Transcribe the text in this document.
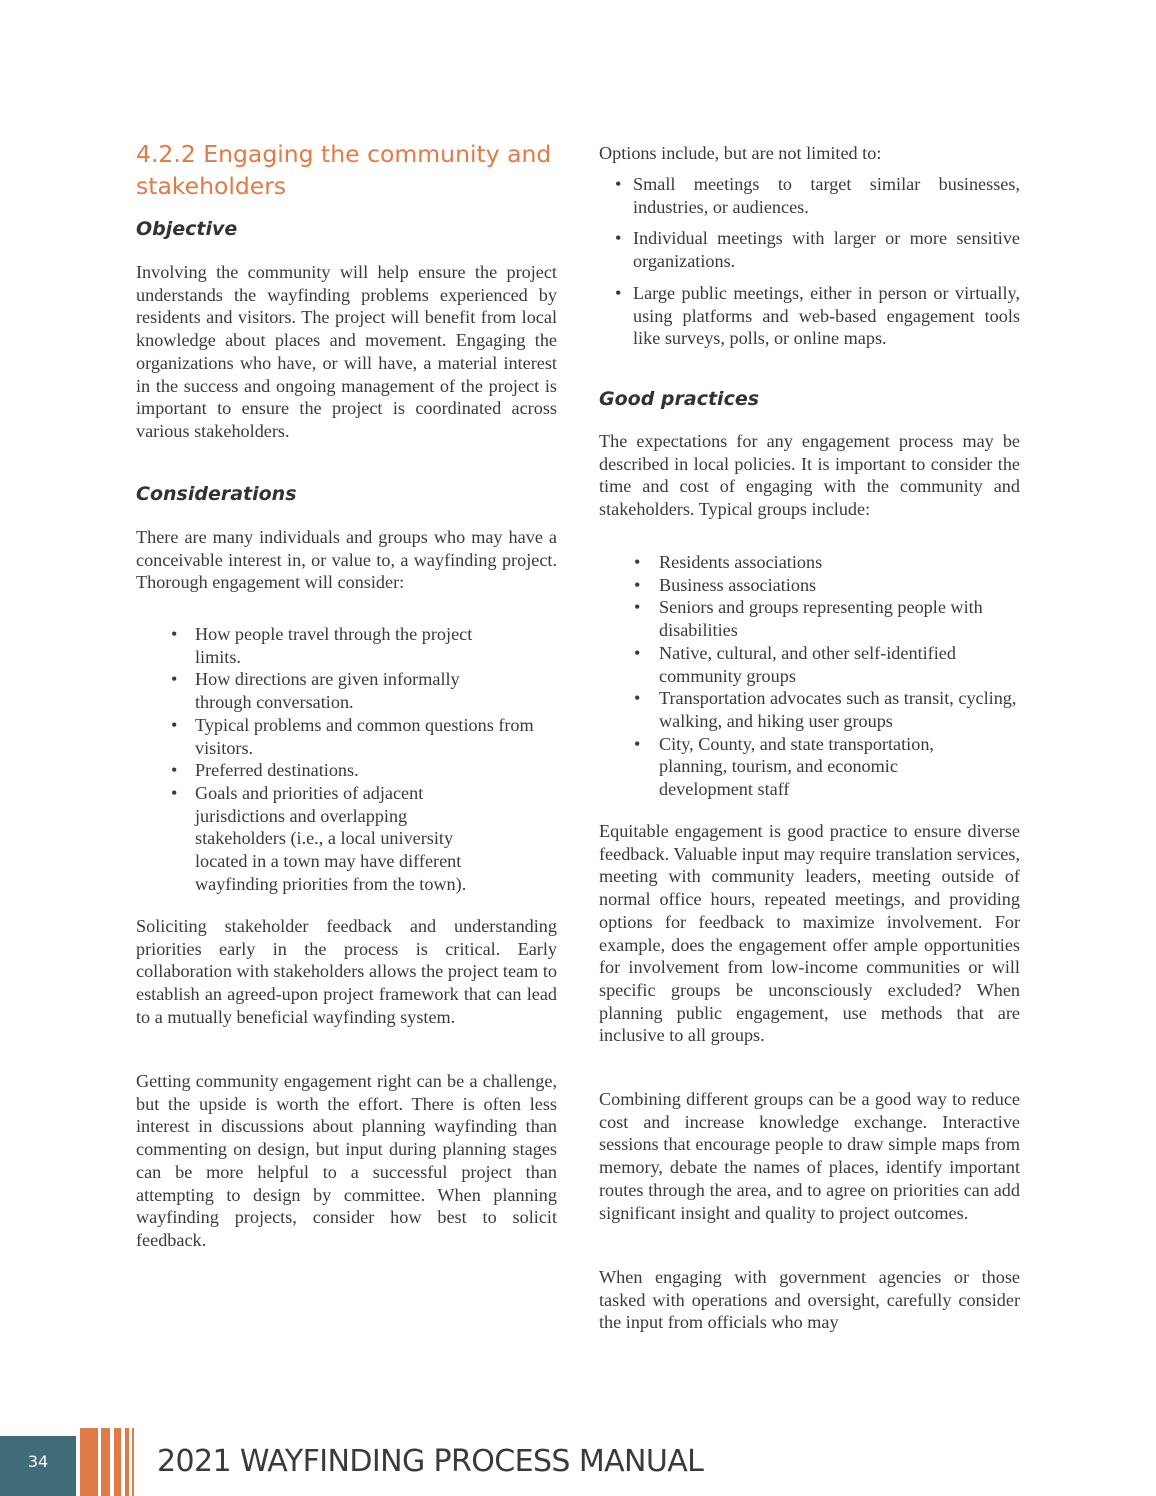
4.2.2 Engaging the community and stakeholders
Objective

Involving the community will help ensure the project understands the wayfinding problems experienced by residents and visitors. The project will benefit from local knowledge about places and movement. Engaging the organizations who have, or will have, a material interest in the success and ongoing management of the project is important to ensure the project is coordinated across various stakeholders.

Considerations

There are many individuals and groups who may have a conceivable interest in, or value to, a wayfinding project. Thorough engagement will consider:

• How people travel through the project limits.
• How directions are given informally through conversation.
• Typical problems and common questions from visitors.
• Preferred destinations.
• Goals and priorities of adjacent jurisdictions and overlapping stakeholders (i.e., a local university located in a town may have different wayfinding priorities from the town).

Soliciting stakeholder feedback and understanding priorities early in the process is critical. Early collaboration with stakeholders allows the project team to establish an agreed-upon project framework that can lead to a mutually beneficial wayfinding system.

Getting community engagement right can be a challenge, but the upside is worth the effort. There is often less interest in discussions about planning wayfinding than commenting on design, but input during planning stages can be more helpful to a successful project than attempting to design by committee. When planning wayfinding projects, consider how best to solicit feedback.

Options include, but are not limited to:

• Small meetings to target similar businesses, industries, or audiences.
• Individual meetings with larger or more sensitive organizations.
• Large public meetings, either in person or virtually, using platforms and web-based engagement tools like surveys, polls, or online maps.
Good practices

The expectations for any engagement process may be described in local policies. It is important to consider the time and cost of engaging with the community and stakeholders. Typical groups include:

• Residents associations
• Business associations
• Seniors and groups representing people with disabilities
• Native, cultural, and other self-identified community groups
• Transportation advocates such as transit, cycling, walking, and hiking user groups
• City, County, and state transportation, planning, tourism, and economic development staff

Equitable engagement is good practice to ensure diverse feedback. Valuable input may require translation services, meeting with community leaders, meeting outside of normal office hours, repeated meetings, and providing options for feedback to maximize involvement. For example, does the engagement offer ample opportunities for involvement from low-income communities or will specific groups be unconsciously excluded? When planning public engagement, use methods that are inclusive to all groups.

Combining different groups can be a good way to reduce cost and increase knowledge exchange. Interactive sessions that encourage people to draw simple maps from memory, debate the names of places, identify important routes through the area, and to agree on priorities can add significant insight and quality to project outcomes.

When engaging with government agencies or those tasked with operations and oversight, carefully consider the input from officials who may

34	2021 WAYFINDING PROCESS MANUAL
